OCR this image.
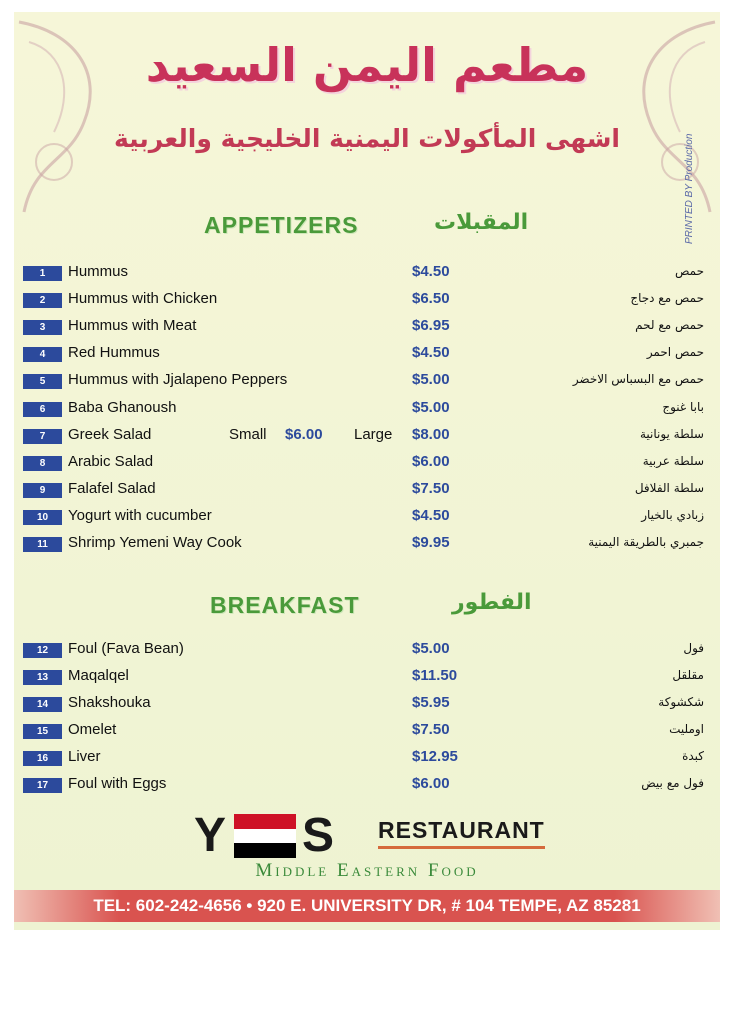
مطعم اليمن السعيد
اشهى المأكولات اليمنية الخليجية والعربية	PRINTED BY Production
APPETIZERS	المقبلات
1	Hummus	$4.50	حمص
2	Hummus with Chicken	$6.50	حمص مع دجاج
3	Hummus with Meat	$6.95	حمص مع لحم
4	Red Hummus	$4.50	حمص احمر
5	Hummus with Jjalapeno Peppers	$5.00	حمص مع البسباس الاخضر
6	Baba Ghanoush	$5.00	بابا غنوج
7	Greek Salad	Small $6.00 Large $8.00	سلطة يونانية
8	Arabic Salad	$6.00	سلطة عربية
9	Falafel Salad	$7.50	سلطة الفلافل
10	Yogurt with cucumber	$4.50	زبادي بالخيار
11	Shrimp Yemeni Way Cook	$9.95	جمبري بالطريقة اليمنية
BREAKFAST	الفطور
12	Foul (Fava Bean)	$5.00	فول
13	Maqalqel	$11.50	مقلقل
14	Shakshouka	$5.95	شكشوكة
15	Omelet	$7.50	اومليت
16	Liver	$12.95	كبدة
17	Foul with Eggs	$6.00	فول مع بيض
Y S RESTAURANT
Middle Eastern Food
TEL: 602-242-4656 • 920 E. UNIVERSITY DR, # 104 TEMPE, AZ 85281
